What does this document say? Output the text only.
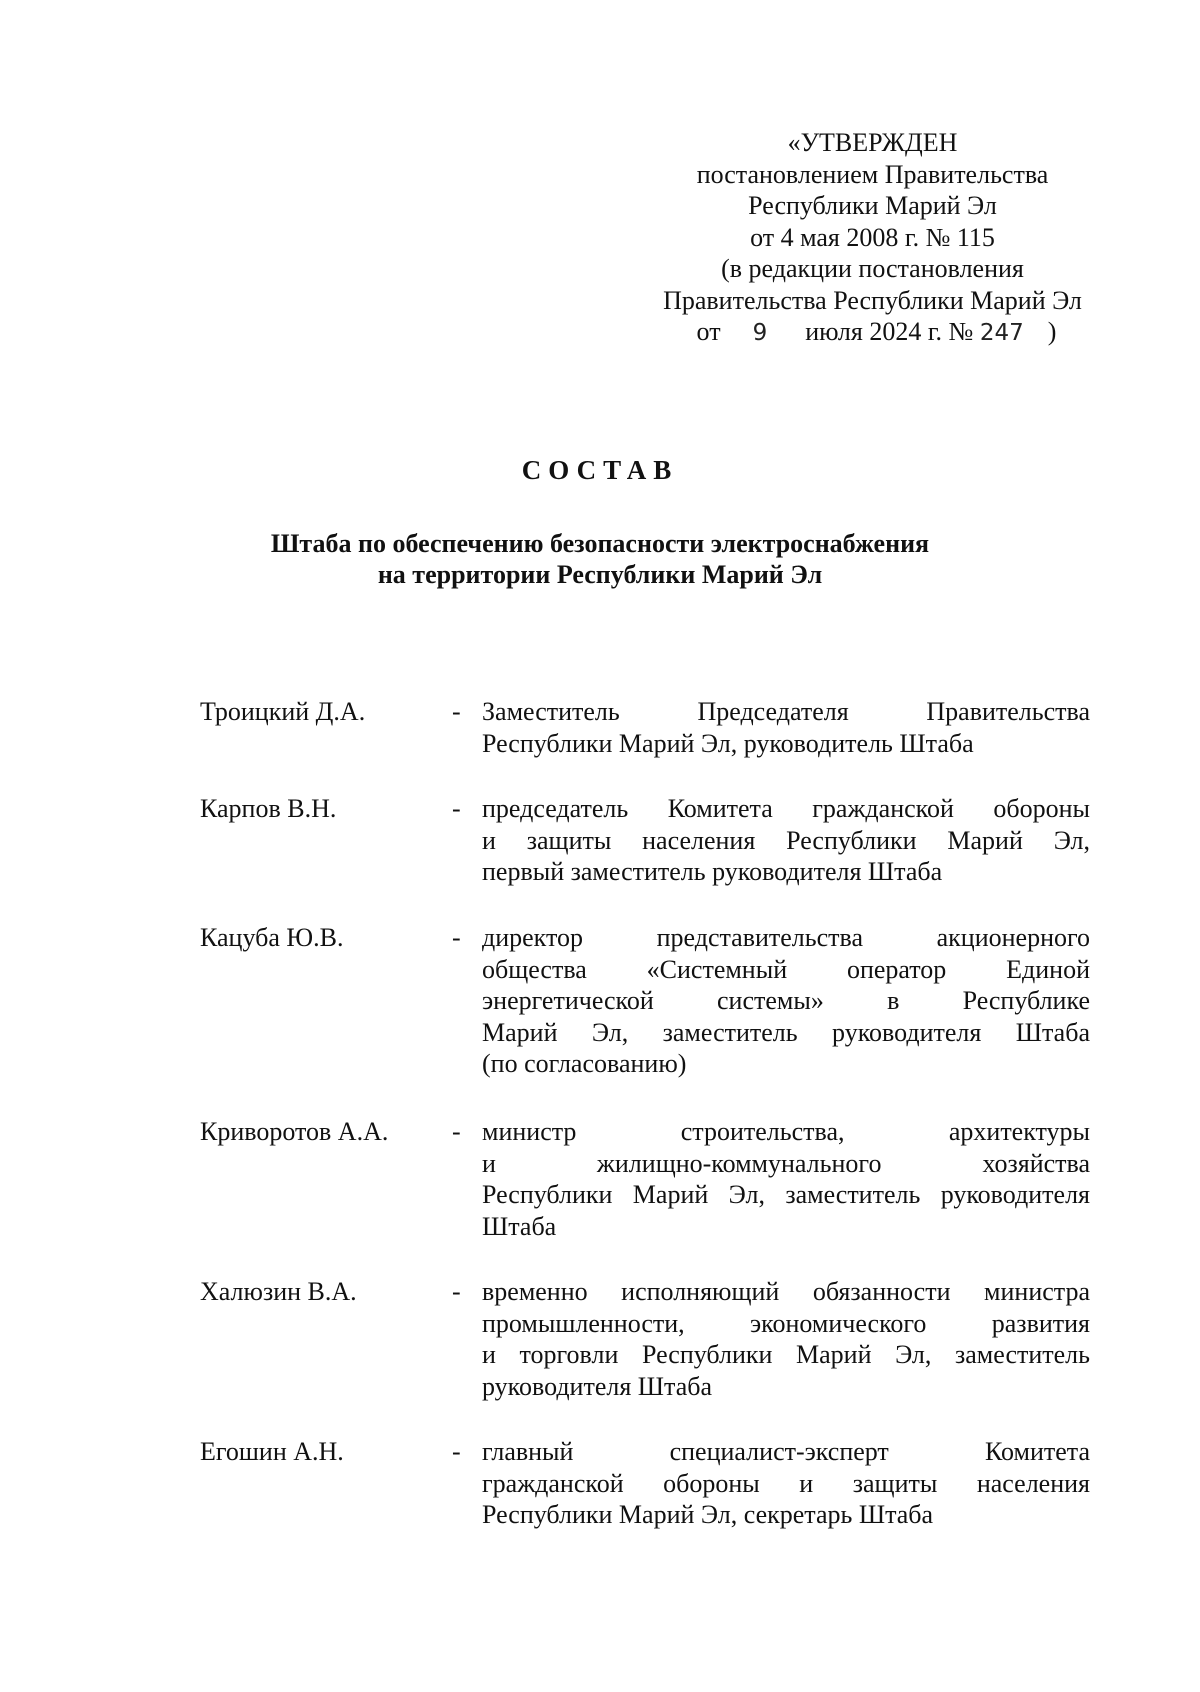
«УТВЕРЖДЕН
постановлением Правительства
Республики Марий Эл
от 4 мая 2008 г. № 115
(в редакции постановления
Правительства Республики Марий Эл
от 9 июля 2024 г. № 247 )
СОСТАВ
Штаба по обеспечению безопасности электроснабжения
на территории Республики Марий Эл
Троицкий Д.А.	- Заместитель Председателя Правительства
Республики Марий Эл, руководитель Штаба
Карпов В.Н.	- председатель Комитета гражданской обороны
и защиты населения Республики Марий Эл,
первый заместитель руководителя Штаба
Кацуба Ю.В.	- директор представительства акционерного
общества «Системный оператор Единой
энергетической системы» в Республике
Марий Эл, заместитель руководителя Штаба
(по согласованию)
Криворотов А.А. - министр строительства, архитектуры
и жилищно-коммунального хозяйства
Республики Марий Эл, заместитель руководителя
Штаба
Халюзин В.А.	- временно исполняющий обязанности министра
промышленности, экономического развития
и торговли Республики Марий Эл, заместитель
руководителя Штаба
Егошин А.Н.	- главный специалист-эксперт Комитета
гражданской обороны и защиты населения
Республики Марий Эл, секретарь Штаба
